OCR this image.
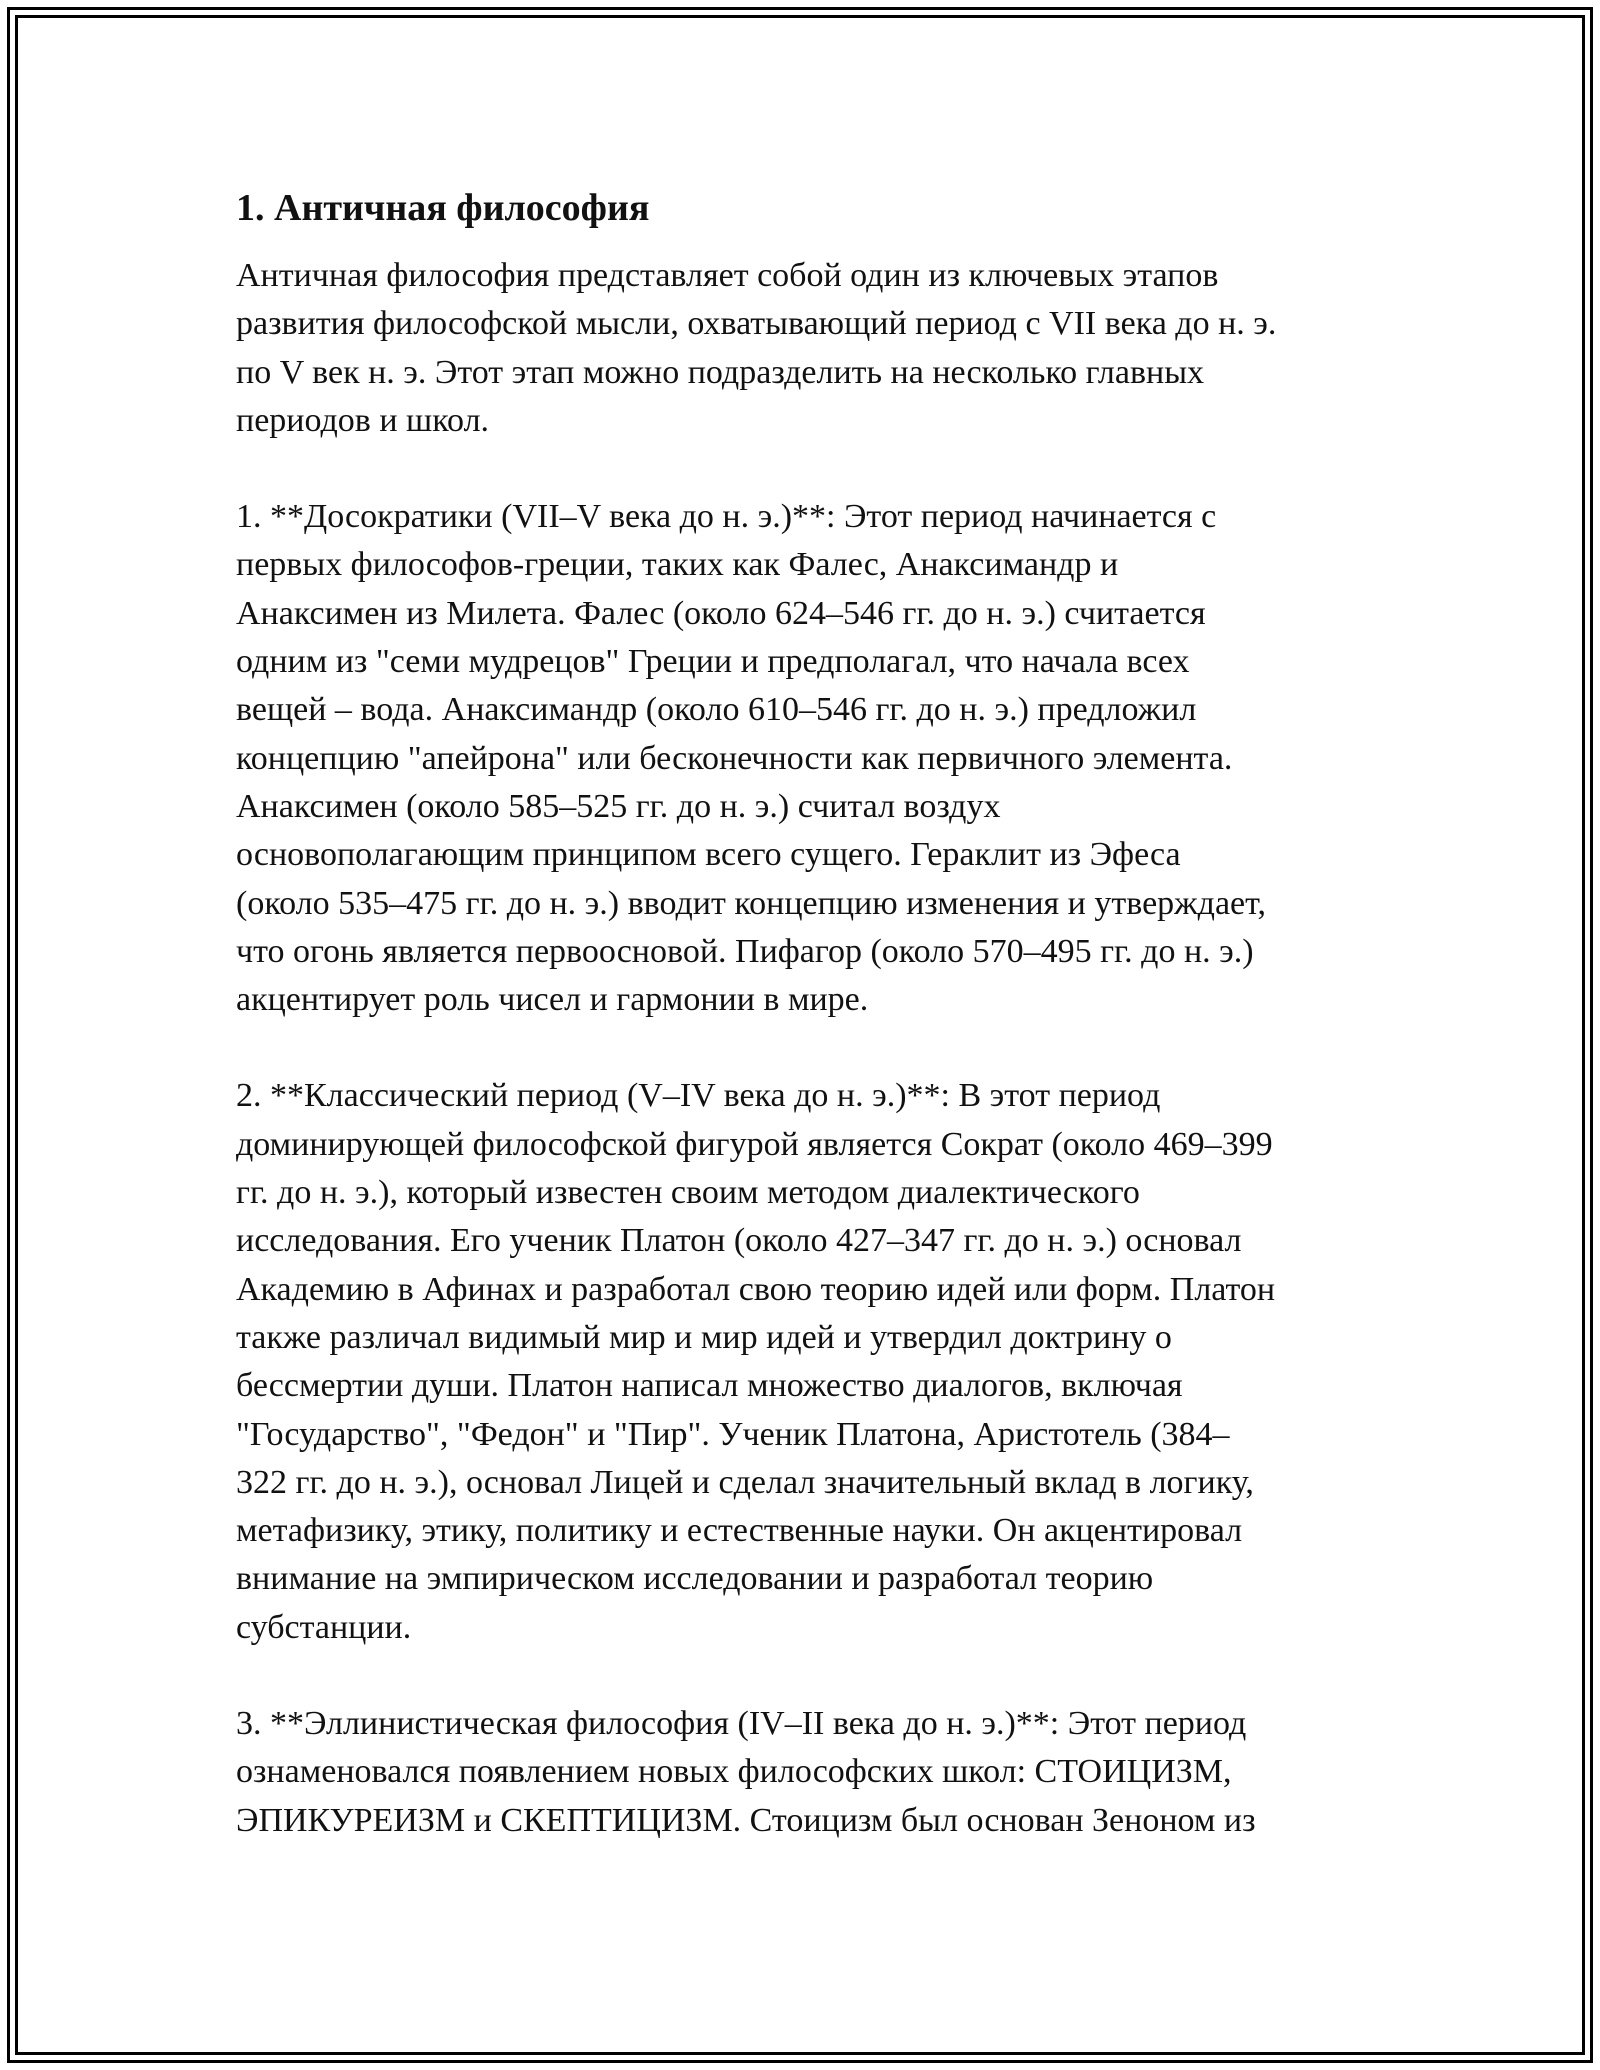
1. Античная философия

Античная философия представляет собой один из ключевых этапов
развития философской мысли, охватывающий период с VII века до н. э.
по V век н. э. Этот этап можно подразделить на несколько главных
периодов и школ.

1. **Досократики (VII–V века до н. э.)**: Этот период начинается с
первых философов-греции, таких как Фалес, Анаксимандр и
Анаксимен из Милета. Фалес (около 624–546 гг. до н. э.) считается
одним из "семи мудрецов" Греции и предполагал, что начала всех
вещей – вода. Анаксимандр (около 610–546 гг. до н. э.) предложил
концепцию "апейрона" или бесконечности как первичного элемента.
Анаксимен (около 585–525 гг. до н. э.) считал воздух
основополагающим принципом всего сущего. Гераклит из Эфеса
(около 535–475 гг. до н. э.) вводит концепцию изменения и утверждает,
что огонь является первоосновой. Пифагор (около 570–495 гг. до н. э.)
акцентирует роль чисел и гармонии в мире.

2. **Классический период (V–IV века до н. э.)**: В этот период
доминирующей философской фигурой является Сократ (около 469–399
гг. до н. э.), который известен своим методом диалектического
исследования. Его ученик Платон (около 427–347 гг. до н. э.) основал
Академию в Афинах и разработал свою теорию идей или форм. Платон
также различал видимый мир и мир идей и утвердил доктрину о
бессмертии души. Платон написал множество диалогов, включая
"Государство", "Федон" и "Пир". Ученик Платона, Аристотель (384–
322 гг. до н. э.), основал Лицей и сделал значительный вклад в логику,
метафизику, этику, политику и естественные науки. Он акцентировал
внимание на эмпирическом исследовании и разработал теорию
субстанции.

3. **Эллинистическая философия (IV–II века до н. э.)**: Этот период
ознаменовался появлением новых философских школ: СТОИЦИЗМ,
ЭПИКУРЕИЗМ и СКЕПТИЦИЗМ. Стоицизм был основан Зеноном из
